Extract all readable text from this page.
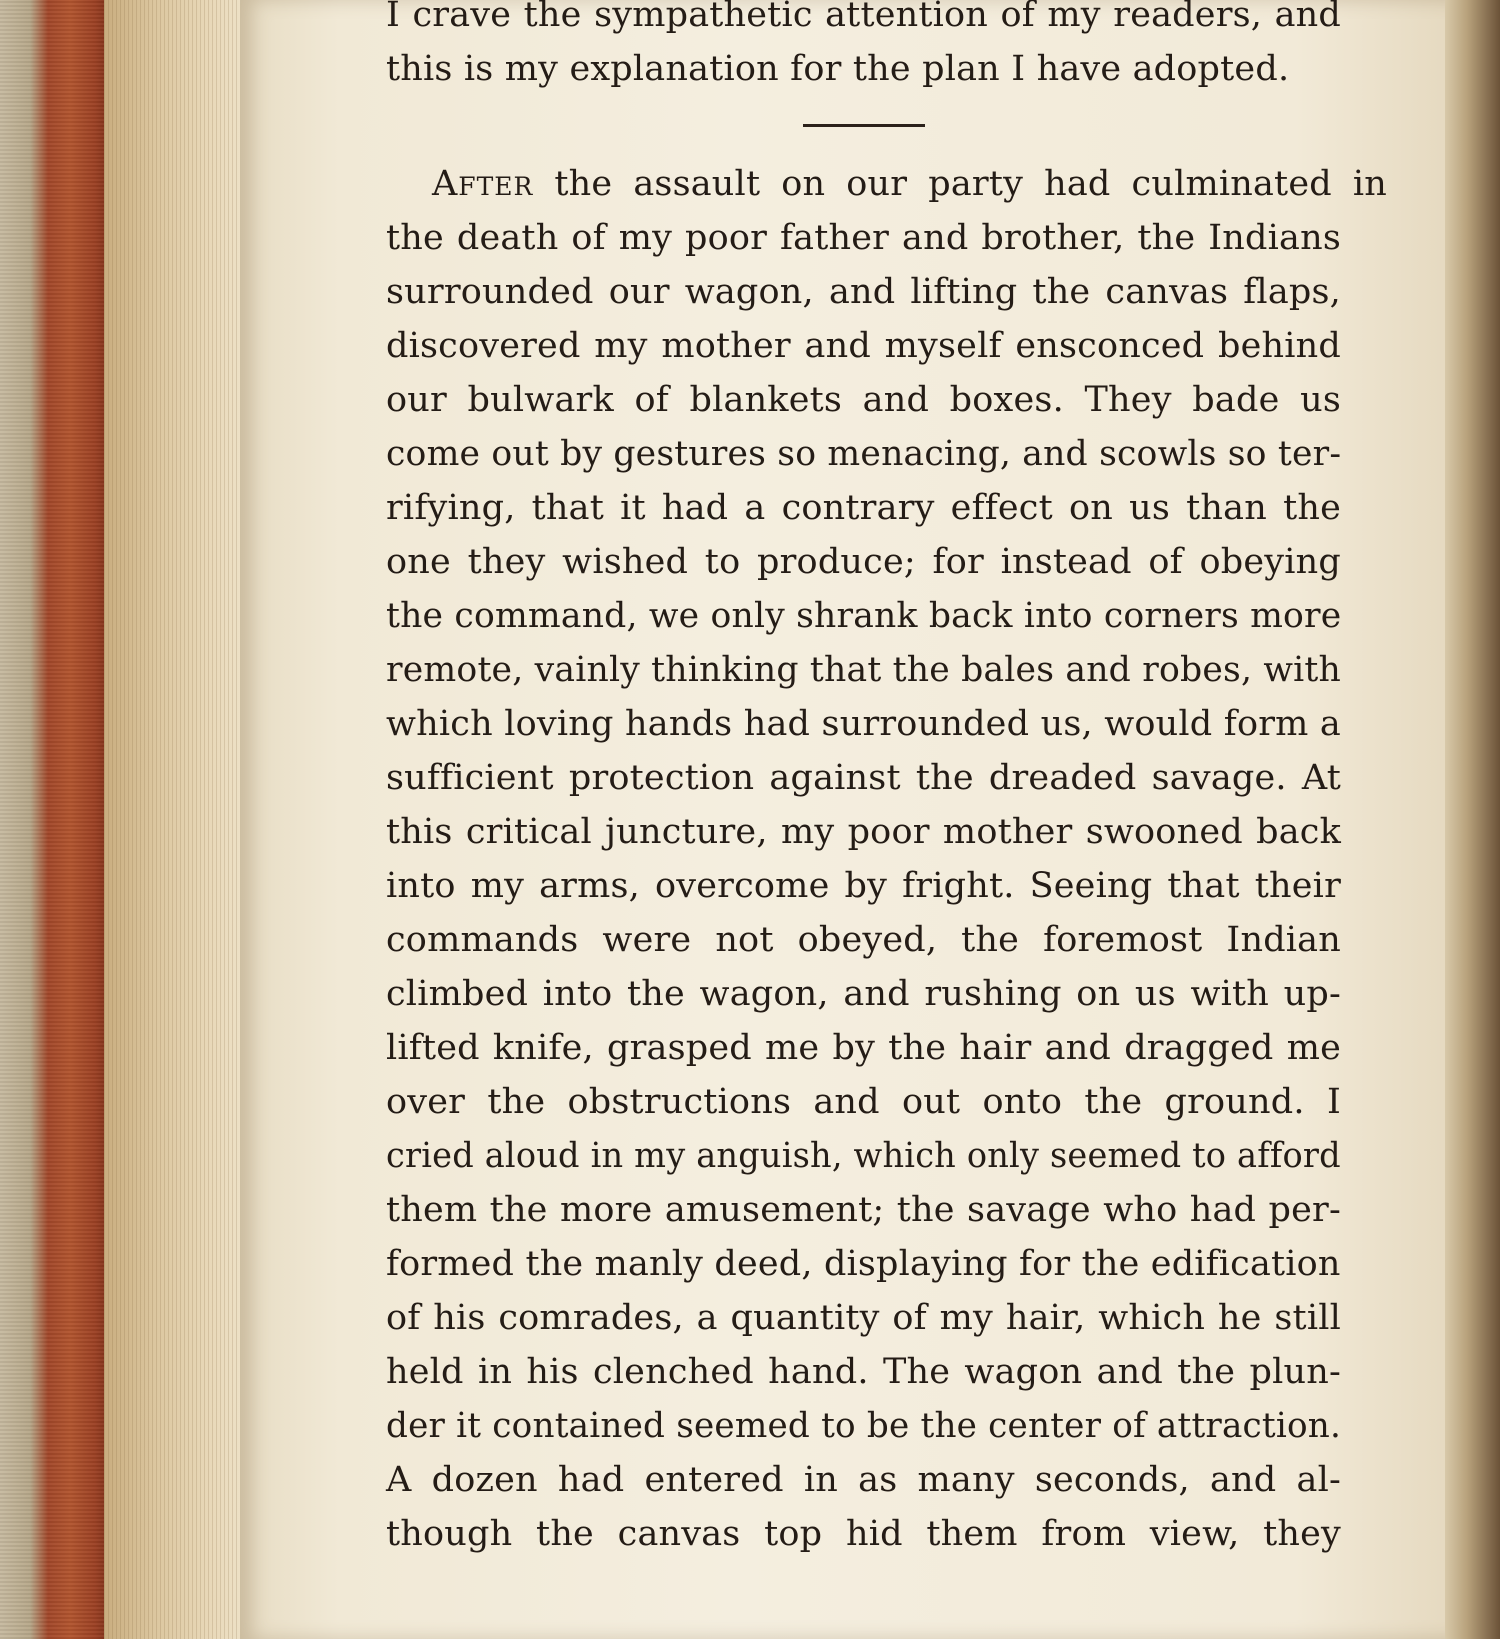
I crave the sympathetic attention of my readers, and
this is my explanation for the plan I have adopted.
After the assault on our party had culminated in
the death of my poor father and brother, the Indians
surrounded our wagon, and lifting the canvas flaps,
discovered my mother and myself ensconced behind
our bulwark of blankets and boxes. They bade us
come out by gestures so menacing, and scowls so ter-
rifying, that it had a contrary effect on us than the
one they wished to produce; for instead of obeying
the command, we only shrank back into corners more
remote, vainly thinking that the bales and robes, with
which loving hands had surrounded us, would form a
sufficient protection against the dreaded savage. At
this critical juncture, my poor mother swooned back
into my arms, overcome by fright. Seeing that their
commands were not obeyed, the foremost Indian
climbed into the wagon, and rushing on us with up-
lifted knife, grasped me by the hair and dragged me
over the obstructions and out onto the ground. I
cried aloud in my anguish, which only seemed to afford
them the more amusement; the savage who had per-
formed the manly deed, displaying for the edification
of his comrades, a quantity of my hair, which he still
held in his clenched hand. The wagon and the plun-
der it contained seemed to be the center of attraction.
A dozen had entered in as many seconds, and al-
though the canvas top hid them from view, they
